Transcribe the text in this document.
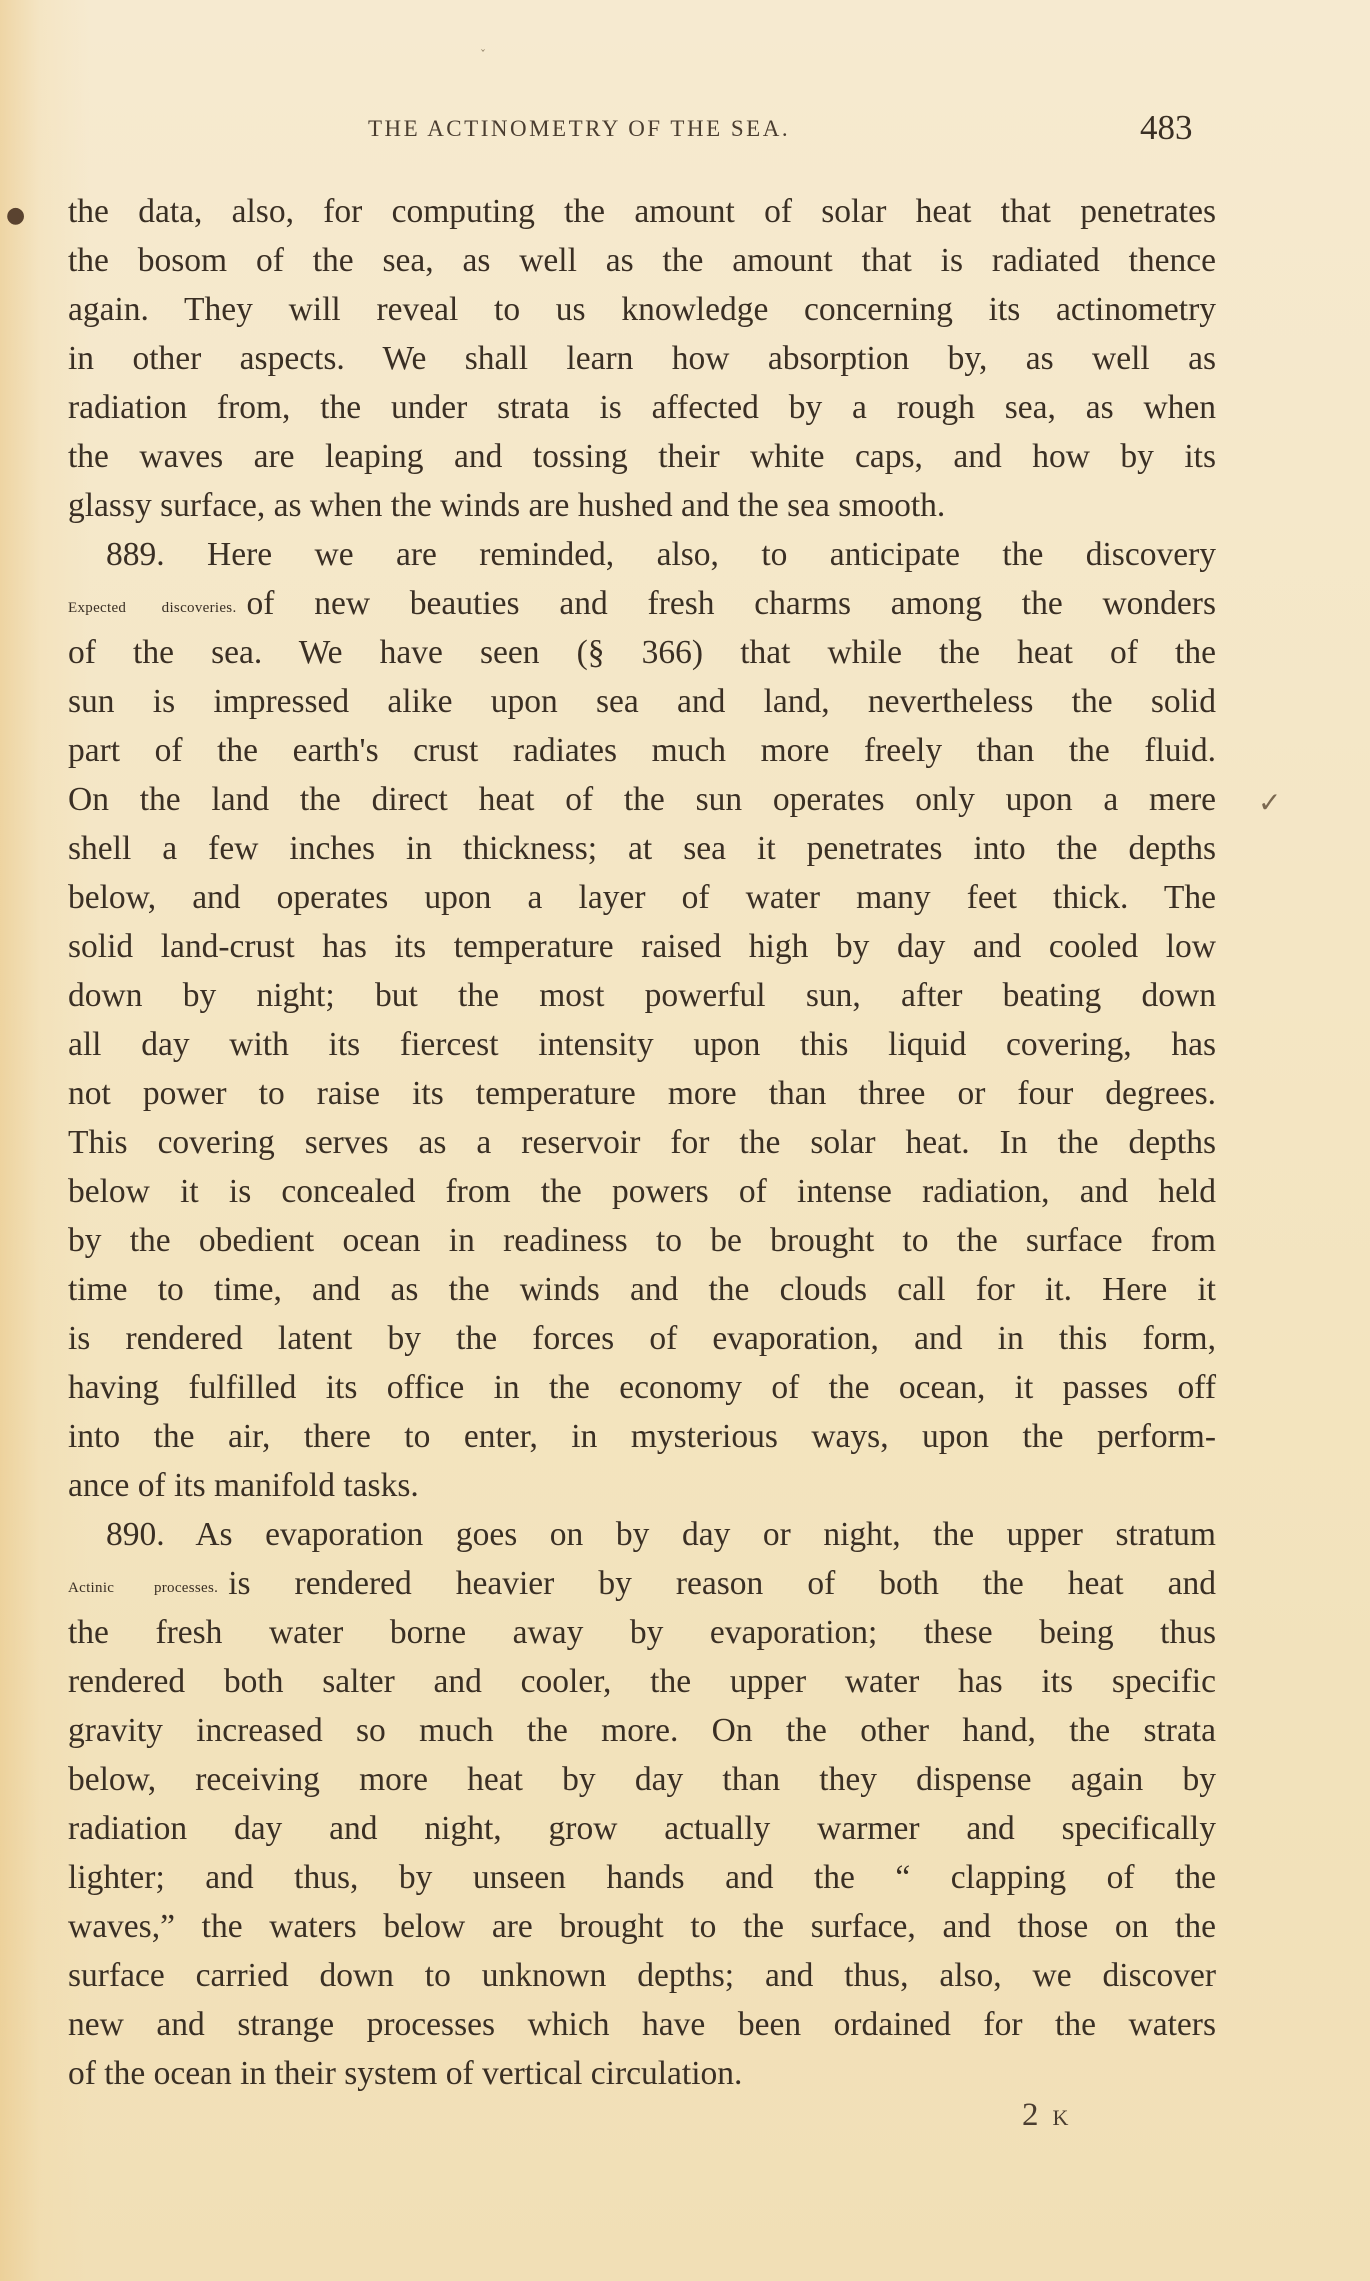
ˇ
THE ACTINOMETRY OF THE SEA.	483
●
✓
the data, also, for computing the amount of solar heat that penetrates
the bosom of the sea, as well as the amount that is radiated thence
again. They will reveal to us knowledge concerning its actinometry
in other aspects. We shall learn how absorption by, as well as
radiation from, the under strata is affected by a rough sea, as when
the waves are leaping and tossing their white caps, and how by its
glassy surface, as when the winds are hushed and the sea smooth.
889. Here we are reminded, also, to anticipate the discovery
Expected discoveries. of new beauties and fresh charms among the wonders
of the sea. We have seen (§ 366) that while the heat of the
sun is impressed alike upon sea and land, nevertheless the solid
part of the earth's crust radiates much more freely than the fluid.
On the land the direct heat of the sun operates only upon a mere
shell a few inches in thickness; at sea it penetrates into the depths
below, and operates upon a layer of water many feet thick. The
solid land-crust has its temperature raised high by day and cooled low
down by night; but the most powerful sun, after beating down
all day with its fiercest intensity upon this liquid covering, has
not power to raise its temperature more than three or four degrees.
This covering serves as a reservoir for the solar heat. In the depths
below it is concealed from the powers of intense radiation, and held
by the obedient ocean in readiness to be brought to the surface from
time to time, and as the winds and the clouds call for it. Here it
is rendered latent by the forces of evaporation, and in this form,
having fulfilled its office in the economy of the ocean, it passes off
into the air, there to enter, in mysterious ways, upon the perform-
ance of its manifold tasks.
890. As evaporation goes on by day or night, the upper stratum
Actinic processes. is rendered heavier by reason of both the heat and
the fresh water borne away by evaporation; these being thus
rendered both salter and cooler, the upper water has its specific
gravity increased so much the more. On the other hand, the strata
below, receiving more heat by day than they dispense again by
radiation day and night, grow actually warmer and specifically
lighter; and thus, by unseen hands and the “ clapping of the
waves,” the waters below are brought to the surface, and those on the
surface carried down to unknown depths; and thus, also, we discover
new and strange processes which have been ordained for the waters
of the ocean in their system of vertical circulation.
2 K
